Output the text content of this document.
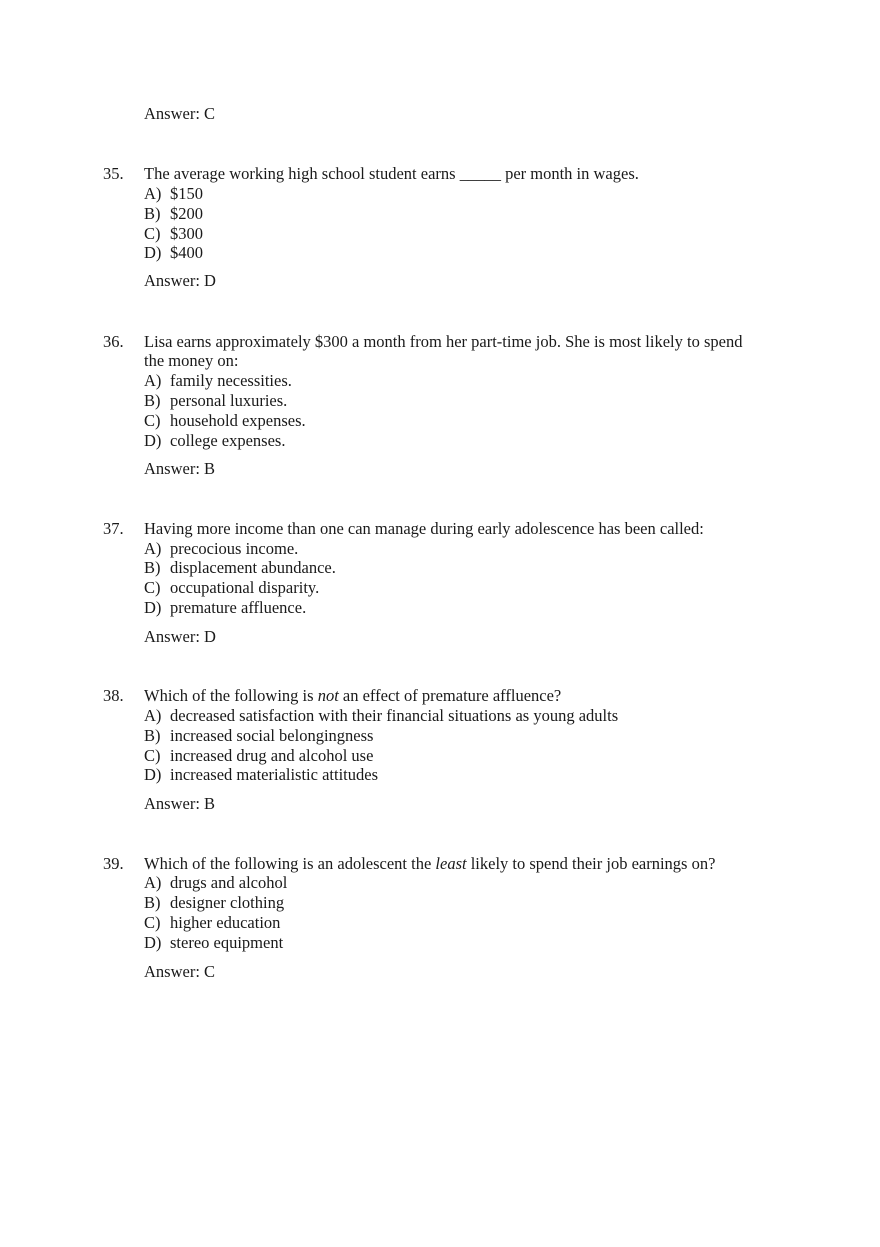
Answer: C
35. The average working high school student earns _____ per month in wages.
A) $150
B) $200
C) $300
D) $400
Answer: D
36. Lisa earns approximately $300 a month from her part-time job. She is most likely to spend
the money on:
A) family necessities.
B) personal luxuries.
C) household expenses.
D) college expenses.
Answer: B
37. Having more income than one can manage during early adolescence has been called:
A) precocious income.
B) displacement abundance.
C) occupational disparity.
D) premature affluence.
Answer: D
38. Which of the following is not an effect of premature affluence?
A) decreased satisfaction with their financial situations as young adults
B) increased social belongingness
C) increased drug and alcohol use
D) increased materialistic attitudes
Answer: B
39. Which of the following is an adolescent the least likely to spend their job earnings on?
A) drugs and alcohol
B) designer clothing
C) higher education
D) stereo equipment
Answer: C
